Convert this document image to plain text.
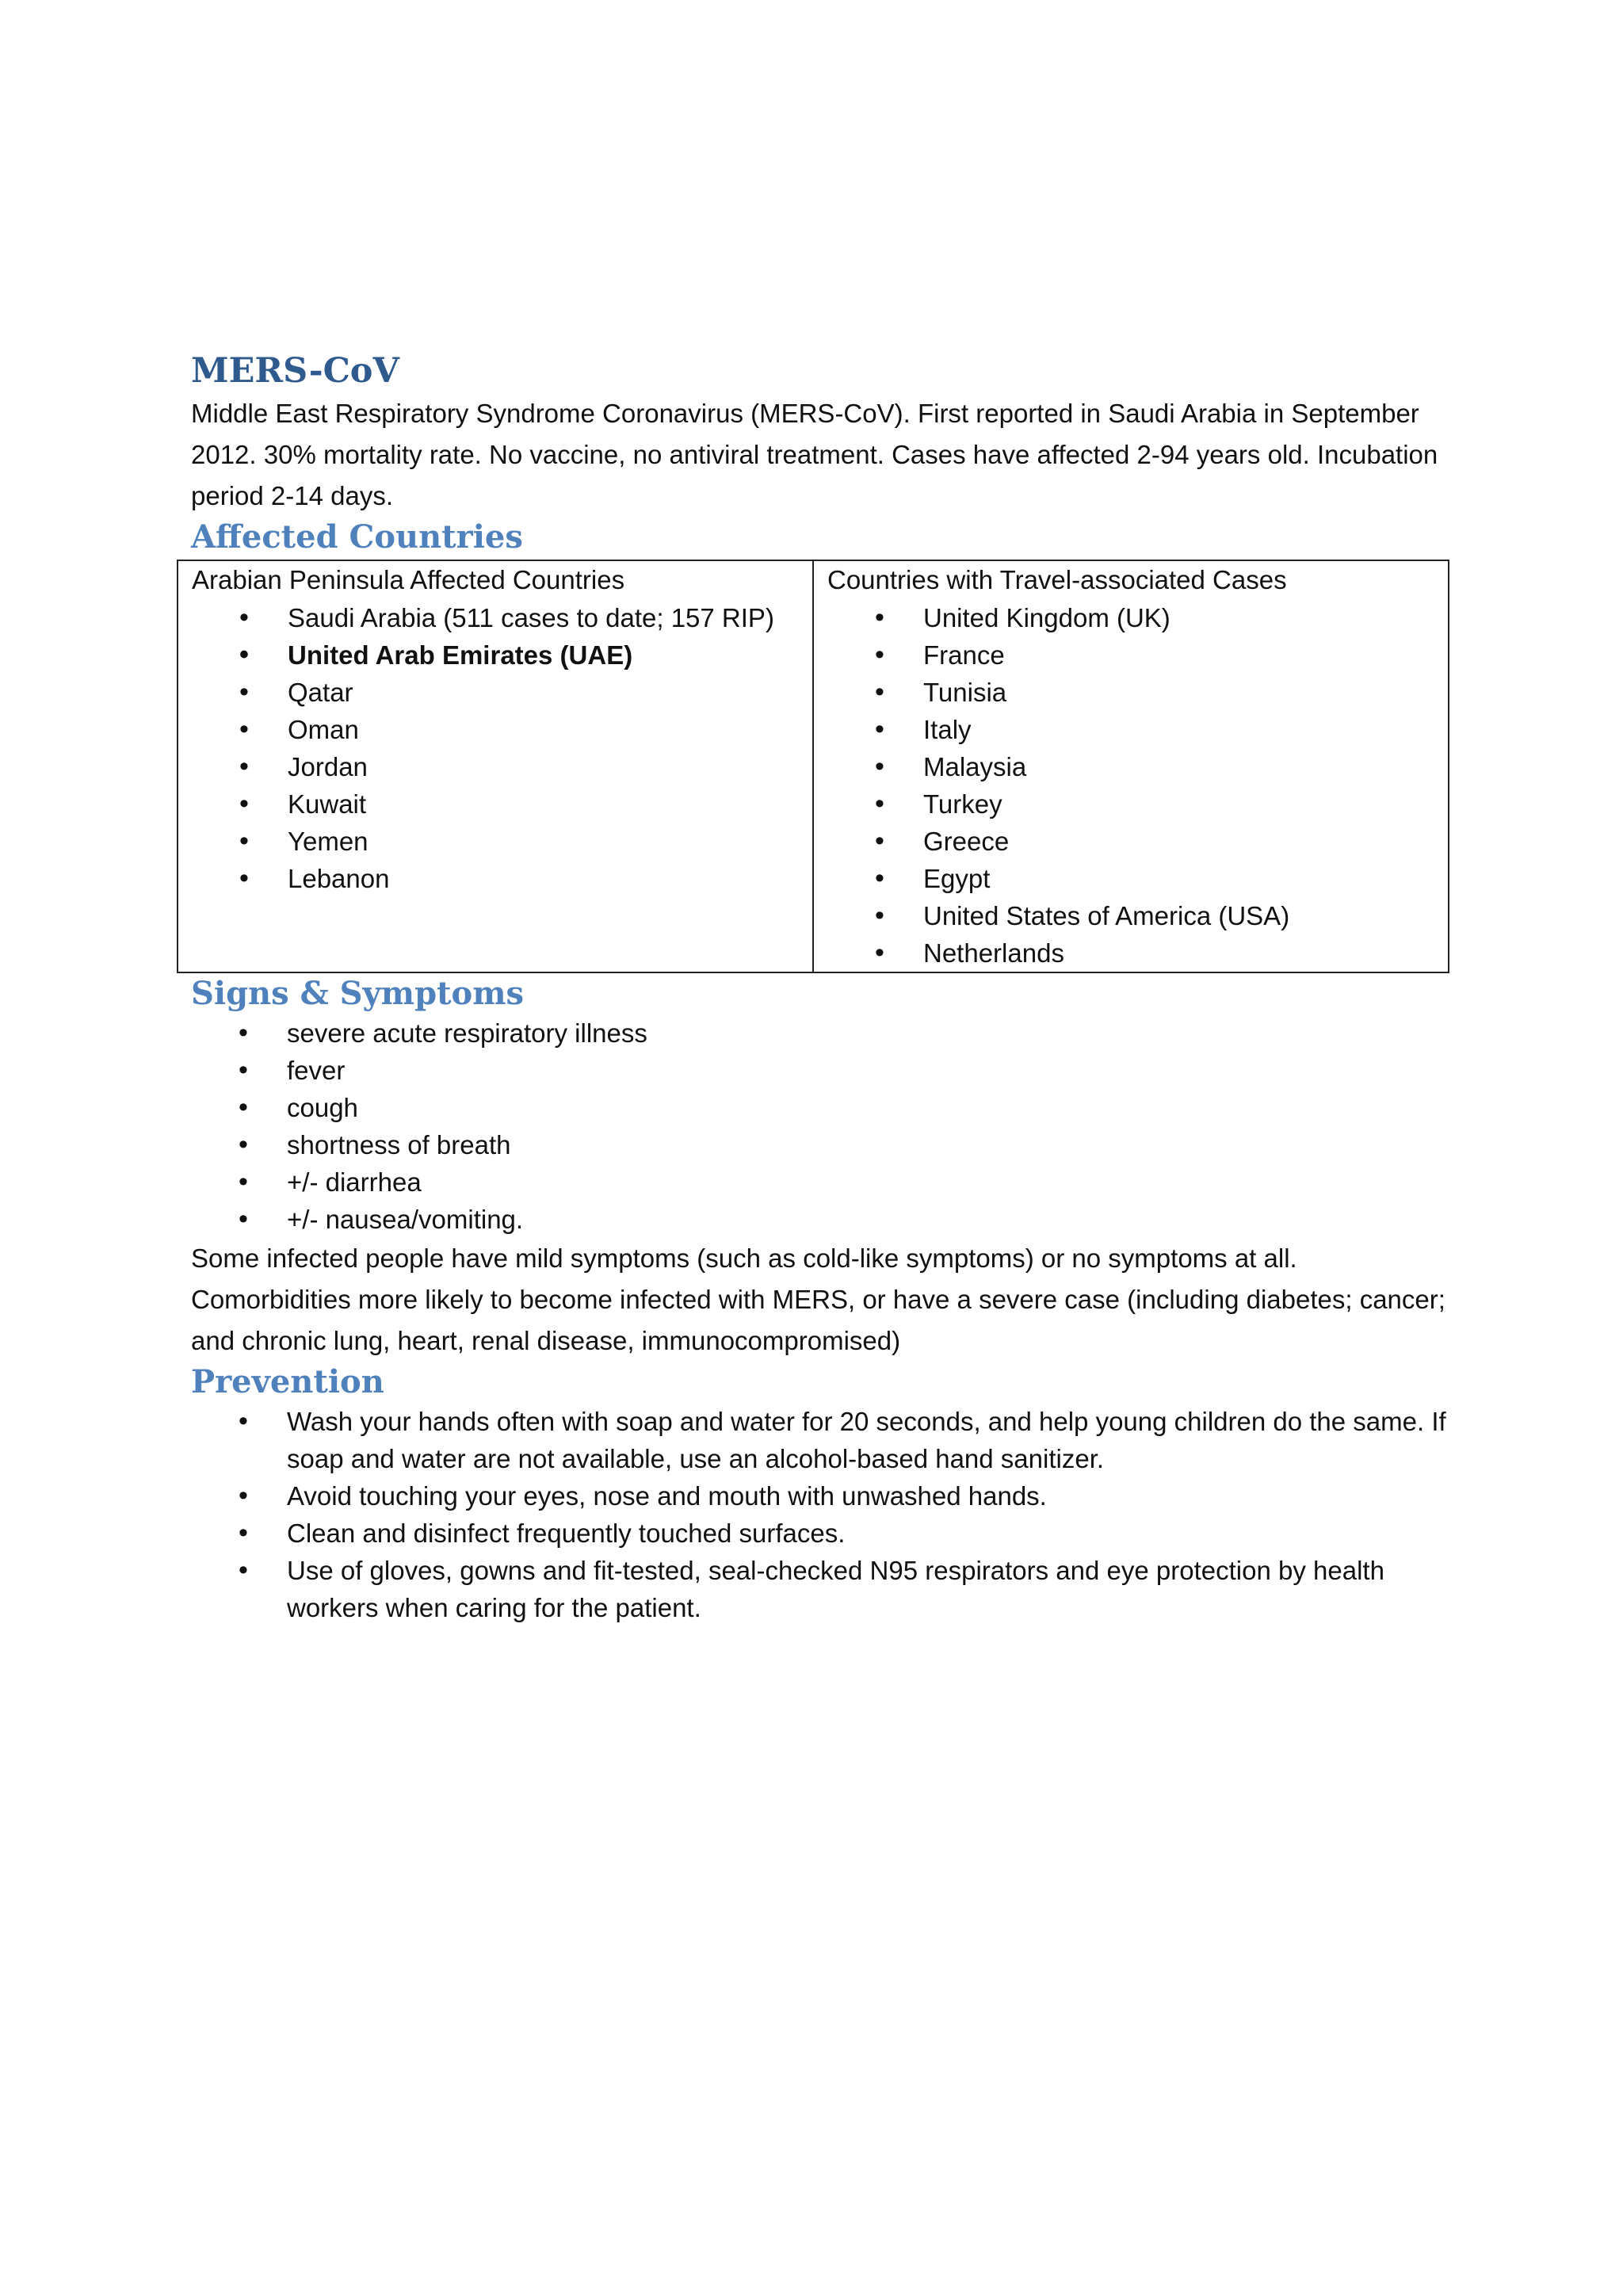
MERS-CoV

Middle East Respiratory Syndrome Coronavirus (MERS-CoV). First reported in Saudi Arabia in September 2012. 30% mortality rate. No vaccine, no antiviral treatment. Cases have affected 2-94 years old. Incubation period 2-14 days.

Affected Countries
Arabian Peninsula Affected Countries
• Saudi Arabia (511 cases to date; 157 RIP)
• United Arab Emirates (UAE)
• Qatar
• Oman
• Jordan
• Kuwait
• Yemen
• Lebanon

Countries with Travel-associated Cases
• United Kingdom (UK)
• France
• Tunisia
• Italy
• Malaysia
• Turkey
• Greece
• Egypt
• United States of America (USA)
• Netherlands
Signs & Symptoms
• severe acute respiratory illness
• fever
• cough
• shortness of breath
• +/- diarrhea
• +/- nausea/vomiting.

Some infected people have mild symptoms (such as cold-like symptoms) or no symptoms at all. Comorbidities more likely to become infected with MERS, or have a severe case (including diabetes; cancer; and chronic lung, heart, renal disease, immunocompromised)

Prevention
• Wash your hands often with soap and water for 20 seconds, and help young children do the same. If soap and water are not available, use an alcohol-based hand sanitizer.
• Avoid touching your eyes, nose and mouth with unwashed hands.
• Clean and disinfect frequently touched surfaces.
• Use of gloves, gowns and fit-tested, seal-checked N95 respirators and eye protection by health workers when caring for the patient.
